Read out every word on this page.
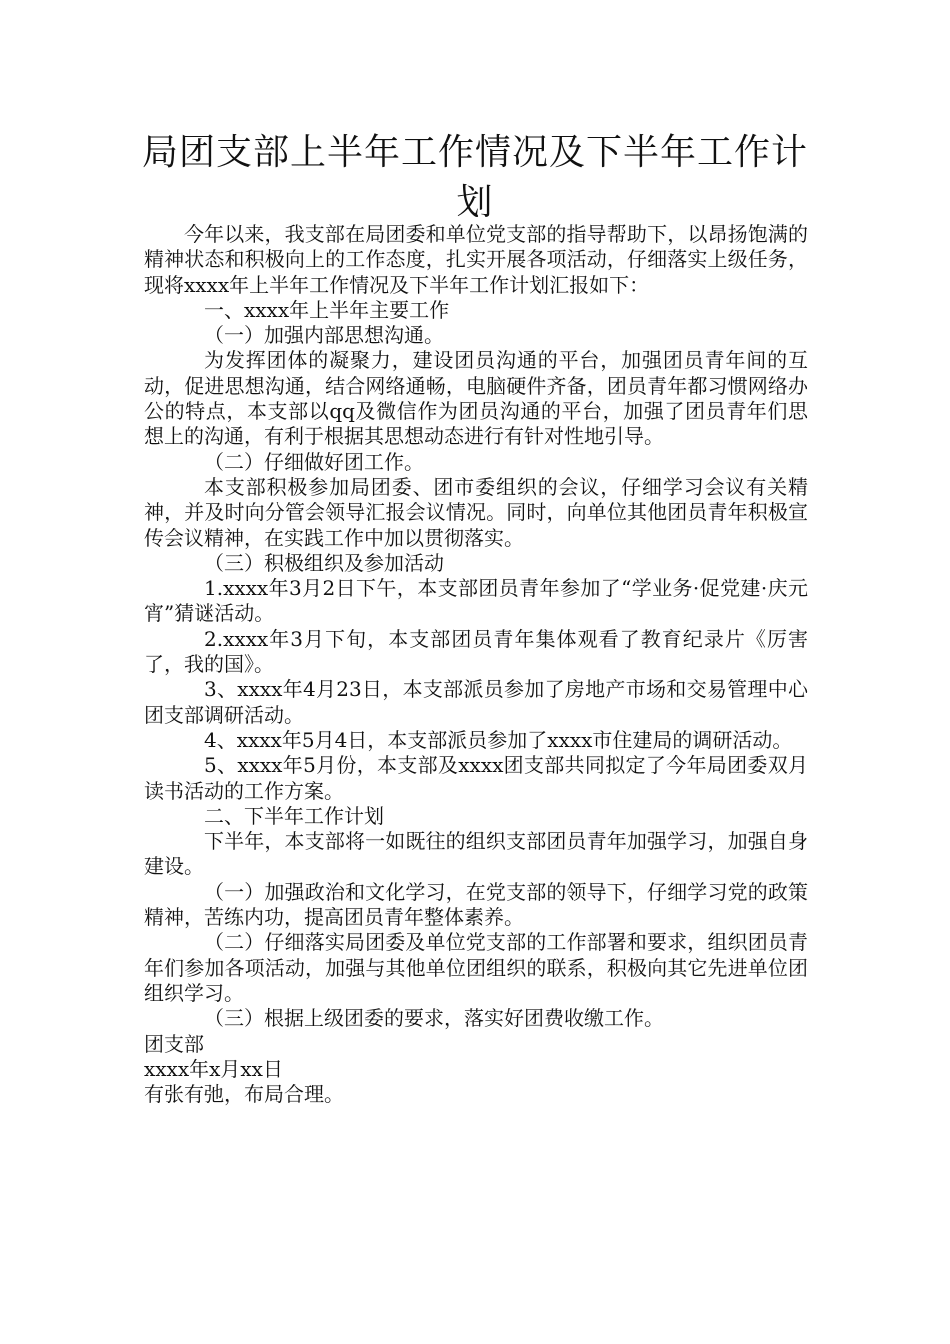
局团支部上半年工作情况及下半年工作计划

今年以来，我支部在局团委和单位党支部的指导帮助下，以昂扬饱满的精神状态和积极向上的工作态度，扎实开展各项活动，仔细落实上级任务，现将xxxx年上半年工作情况及下半年工作计划汇报如下：

一、xxxx年上半年主要工作

（一）加强内部思想沟通。

为发挥团体的凝聚力，建设团员沟通的平台，加强团员青年间的互动，促进思想沟通，结合网络通畅，电脑硬件齐备，团员青年都习惯网络办公的特点，本支部以qq及微信作为团员沟通的平台，加强了团员青年们思想上的沟通，有利于根据其思想动态进行有针对性地引导。

（二）仔细做好团工作。

本支部积极参加局团委、团市委组织的会议，仔细学习会议有关精神，并及时向分管会领导汇报会议情况。同时，向单位其他团员青年积极宣传会议精神，在实践工作中加以贯彻落实。

（三）积极组织及参加活动

1.xxxx年3月2日下午，本支部团员青年参加了“学业务·促党建·庆元宵”猜谜活动。

2.xxxx年3月下旬，本支部团员青年集体观看了教育纪录片《厉害了，我的国》。

3、xxxx年4月23日，本支部派员参加了房地产市场和交易管理中心团支部调研活动。

4、xxxx年5月4日，本支部派员参加了xxxx市住建局的调研活动。

5、xxxx年5月份，本支部及xxxx团支部共同拟定了今年局团委双月读书活动的工作方案。

二、下半年工作计划

下半年，本支部将一如既往的组织支部团员青年加强学习，加强自身建设。

（一）加强政治和文化学习，在党支部的领导下，仔细学习党的政策精神，苦练内功，提高团员青年整体素养。

（二）仔细落实局团委及单位党支部的工作部署和要求，组织团员青年们参加各项活动，加强与其他单位团组织的联系，积极向其它先进单位团组织学习。

（三）根据上级团委的要求，落实好团费收缴工作。

团支部

xxxx年x月xx日

有张有弛，布局合理。
